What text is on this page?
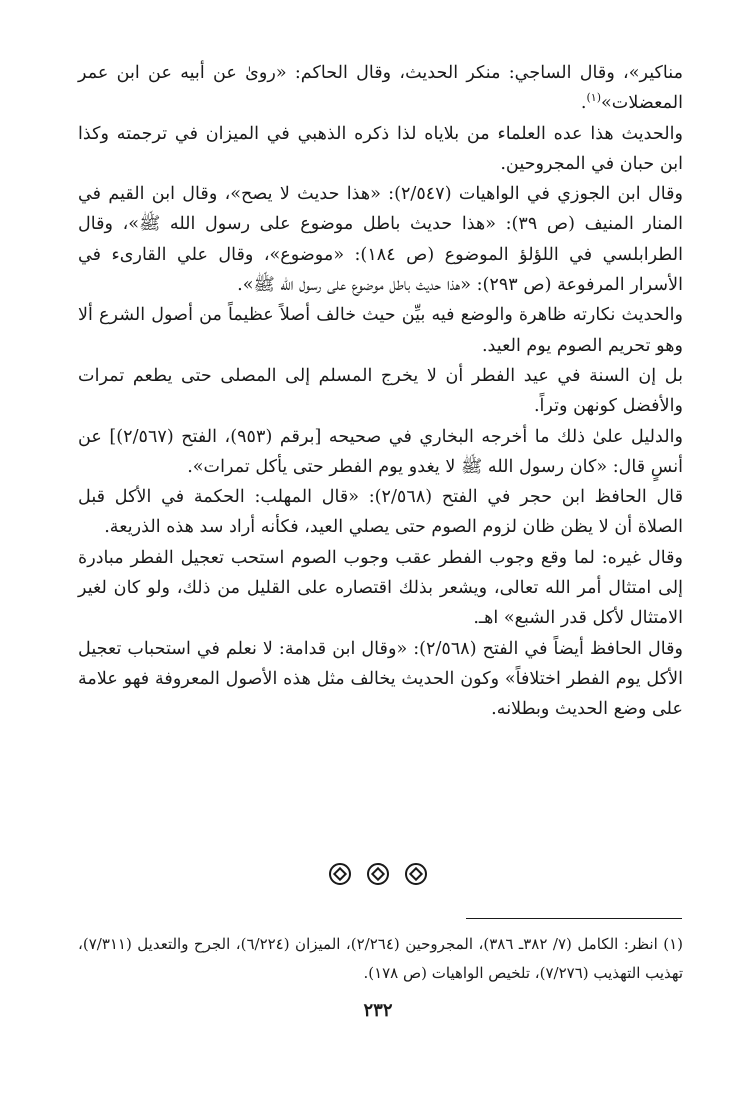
مناكير»، وقال الساجي: منكر الحديث، وقال الحاكم: «روىٰ عن أبيه عن ابن عمر المعضلات»$^{(١)}$.

والحديث هذا عده العلماء من بلاياه لذا ذكره الذهبي في الميزان في ترجمته وكذا ابن حبان في المجروحين.

وقال ابن الجوزي في الواهيات (٢/٥٤٧): «هذا حديث لا يصح»، وقال ابن القيم في المنار المنيف (ص ٣٩): «هذا حديث باطل موضوع على رسول الله ﷺ»، وقال الطرابلسي في اللؤلؤ الموضوع (ص ١٨٤): «موضوع»، وقال علي القارىء في الأسرار المرفوعة (ص ٢٩٣): «هذا حديث باطل موضوع على رسول الله ﷺ».

والحديث نكارته ظاهرة والوضع فيه بيِّن حيث خالف أصلاً عظيماً من أصول الشرع ألا وهو تحريم الصوم يوم العيد.

بل إن السنة في عيد الفطر أن لا يخرج المسلم إلى المصلى حتى يطعم تمرات والأفضل كونهن وتراً.

والدليل علىٰ ذلك ما أخرجه البخاري في صحيحه [برقم (٩٥٣)، الفتح (٢/٥٦٧)] عن أنسٍ قال: «كان رسول الله ﷺ لا يغدو يوم الفطر حتى يأكل تمرات».

قال الحافظ ابن حجر في الفتح (٢/٥٦٨): «قال المهلب: الحكمة في الأكل قبل الصلاة أن لا يظن ظان لزوم الصوم حتى يصلي العيد، فكأنه أراد سد هذه الذريعة.

وقال غيره: لما وقع وجوب الفطر عقب وجوب الصوم استحب تعجيل الفطر مبادرة إلى امتثال أمر الله تعالى، ويشعر بذلك اقتصاره على القليل من ذلك، ولو كان لغير الامتثال لأكل قدر الشبع» اهـ.

وقال الحافظ أيضاً في الفتح (٢/٥٦٨): «وقال ابن قدامة: لا نعلم في استحباب تعجيل الأكل يوم الفطر اختلافاً» وكون الحديث يخالف مثل هذه الأصول المعروفة فهو علامة على وضع الحديث وبطلانه.

(١) انظر: الكامل (٧/ ٣٨٢ـ ٣٨٦)، المجروحين (٢/٢٦٤)، الميزان (٦/٢٢٤)، الجرح والتعديل (٧/٣١١)، تهذيب التهذيب (٧/٢٧٦)، تلخيص الواهيات (ص ١٧٨).

٢٣٢
